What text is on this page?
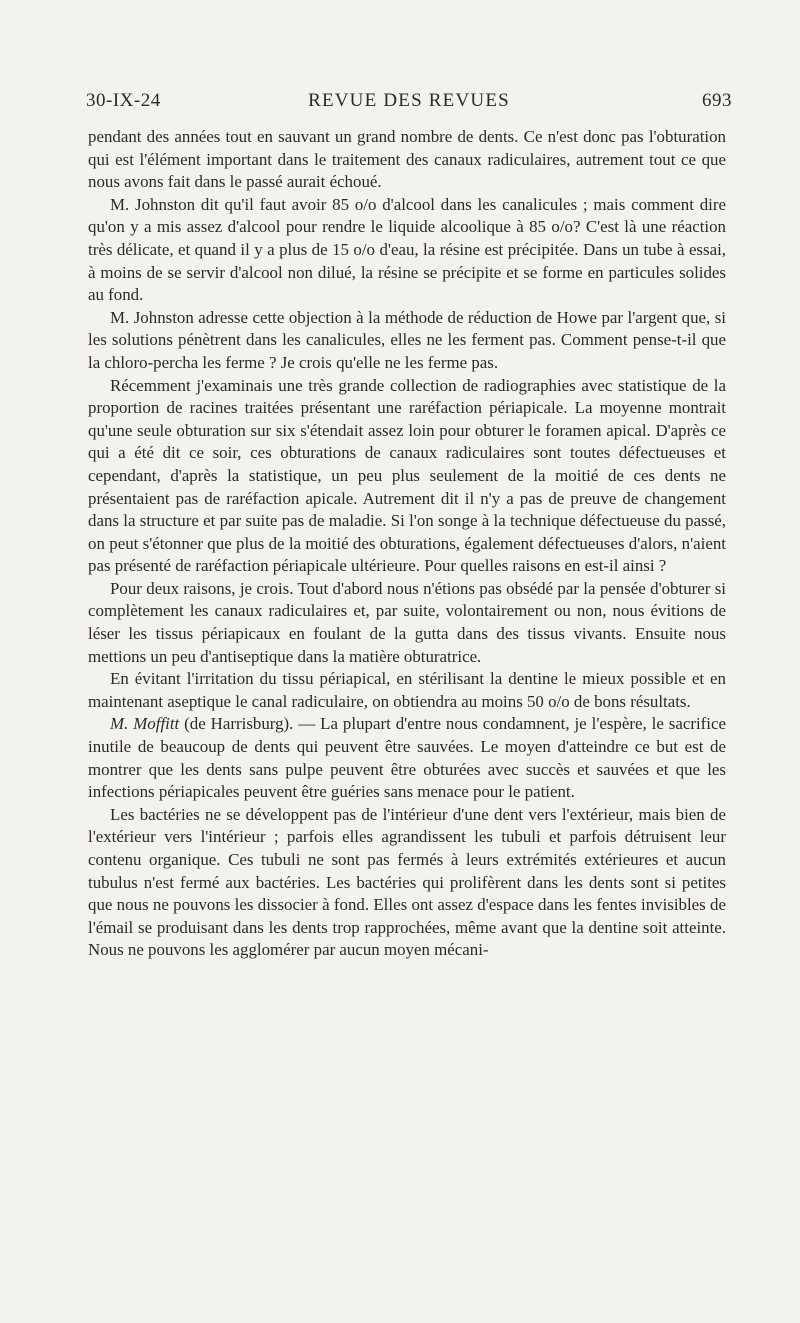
30-IX-24	REVUE DES REVUES	693

pendant des années tout en sauvant un grand nombre de dents. Ce n'est donc pas l'obturation qui est l'élément important dans le traitement des canaux radiculaires, autrement tout ce que nous avons fait dans le passé aurait échoué.

M. Johnston dit qu'il faut avoir 85 o/o d'alcool dans les canalicules ; mais comment dire qu'on y a mis assez d'alcool pour rendre le liquide alcoolique à 85 o/o? C'est là une réaction très délicate, et quand il y a plus de 15 o/o d'eau, la résine est précipitée. Dans un tube à essai, à moins de se servir d'alcool non dilué, la résine se précipite et se forme en particules solides au fond.

M. Johnston adresse cette objection à la méthode de réduction de Howe par l'argent que, si les solutions pénètrent dans les canalicules, elles ne les ferment pas. Comment pense-t-il que la chloro-percha les ferme ? Je crois qu'elle ne les ferme pas.

Récemment j'examinais une très grande collection de radiographies avec statistique de la proportion de racines traitées présentant une raréfaction périapicale. La moyenne montrait qu'une seule obturation sur six s'étendait assez loin pour obturer le foramen apical. D'après ce qui a été dit ce soir, ces obturations de canaux radiculaires sont toutes défectueuses et cependant, d'après la statistique, un peu plus seulement de la moitié de ces dents ne présentaient pas de raréfaction apicale. Autrement dit il n'y a pas de preuve de changement dans la structure et par suite pas de maladie. Si l'on songe à la technique défectueuse du passé, on peut s'étonner que plus de la moitié des obturations, également défectueuses d'alors, n'aient pas présenté de raréfaction périapicale ultérieure. Pour quelles raisons en est-il ainsi ?

Pour deux raisons, je crois. Tout d'abord nous n'étions pas obsédé par la pensée d'obturer si complètement les canaux radiculaires et, par suite, volontairement ou non, nous évitions de léser les tissus périapicaux en foulant de la gutta dans des tissus vivants. Ensuite nous mettions un peu d'antiseptique dans la matière obturatrice.

En évitant l'irritation du tissu périapical, en stérilisant la dentine le mieux possible et en maintenant aseptique le canal radiculaire, on obtiendra au moins 50 o/o de bons résultats.

M. Moffitt (de Harrisburg). — La plupart d'entre nous condamnent, je l'espère, le sacrifice inutile de beaucoup de dents qui peuvent être sauvées. Le moyen d'atteindre ce but est de montrer que les dents sans pulpe peuvent être obturées avec succès et sauvées et que les infections périapicales peuvent être guéries sans menace pour le patient.

Les bactéries ne se développent pas de l'intérieur d'une dent vers l'extérieur, mais bien de l'extérieur vers l'intérieur ; parfois elles agrandissent les tubuli et parfois détruisent leur contenu organique. Ces tubuli ne sont pas fermés à leurs extrémités extérieures et aucun tubulus n'est fermé aux bactéries. Les bactéries qui prolifèrent dans les dents sont si petites que nous ne pouvons les dissocier à fond. Elles ont assez d'espace dans les fentes invisibles de l'émail se produisant dans les dents trop rapprochées, même avant que la dentine soit atteinte. Nous ne pouvons les agglomérer par aucun moyen mécani-
